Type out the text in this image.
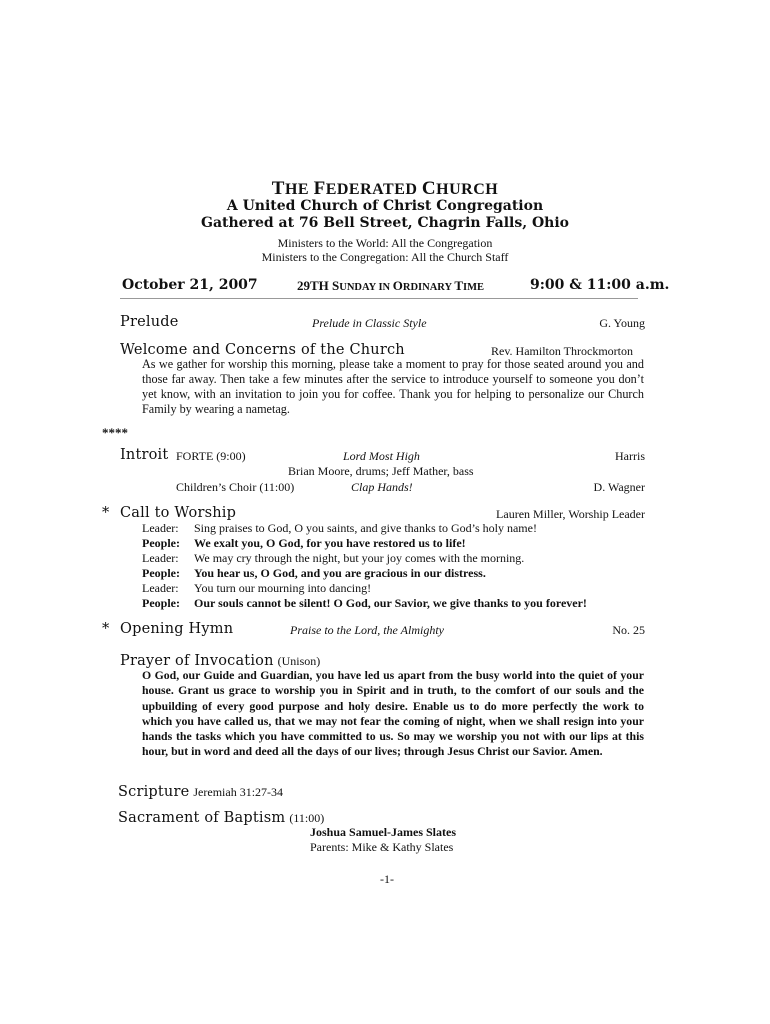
THE FEDERATED CHURCH
A United Church of Christ Congregation
Gathered at 76 Bell Street, Chagrin Falls, Ohio
Ministers to the World: All the Congregation
Ministers to the Congregation: All the Church Staff
October 21, 2007	29TH SUNDAY IN ORDINARY TIME	9:00 & 11:00 a.m.
Prelude	Prelude in Classic Style	G. Young
Welcome and Concerns of the Church	Rev. Hamilton Throckmorton
As we gather for worship this morning, please take a moment to pray for those seated around you and those far away. Then take a few minutes after the service to introduce yourself to someone you don’t yet know, with an invitation to join you for coffee. Thank you for helping to personalize our Church Family by wearing a nametag.
****
Introit FORTE (9:00)	Lord Most High	Harris
Brian Moore, drums; Jeff Mather, bass
Children’s Choir (11:00)	Clap Hands!	D. Wagner
* Call to Worship	Lauren Miller, Worship Leader
Leader: Sing praises to God, O you saints, and give thanks to God’s holy name!
People: We exalt you, O God, for you have restored us to life!
Leader: We may cry through the night, but your joy comes with the morning.
People: You hear us, O God, and you are gracious in our distress.
Leader: You turn our mourning into dancing!
People: Our souls cannot be silent! O God, our Savior, we give thanks to you forever!
* Opening Hymn	Praise to the Lord, the Almighty	No. 25
Prayer of Invocation (Unison)
O God, our Guide and Guardian, you have led us apart from the busy world into the quiet of your house. Grant us grace to worship you in Spirit and in truth, to the comfort of our souls and the upbuilding of every good purpose and holy desire. Enable us to do more perfectly the work to which you have called us, that we may not fear the coming of night, when we shall resign into your hands the tasks which you have committed to us. So may we worship you not with our lips at this hour, but in word and deed all the days of our lives; through Jesus Christ our Savior. Amen.
Scripture Jeremiah 31:27-34
Sacrament of Baptism (11:00)
Joshua Samuel-James Slates
Parents: Mike & Kathy Slates
-1-
